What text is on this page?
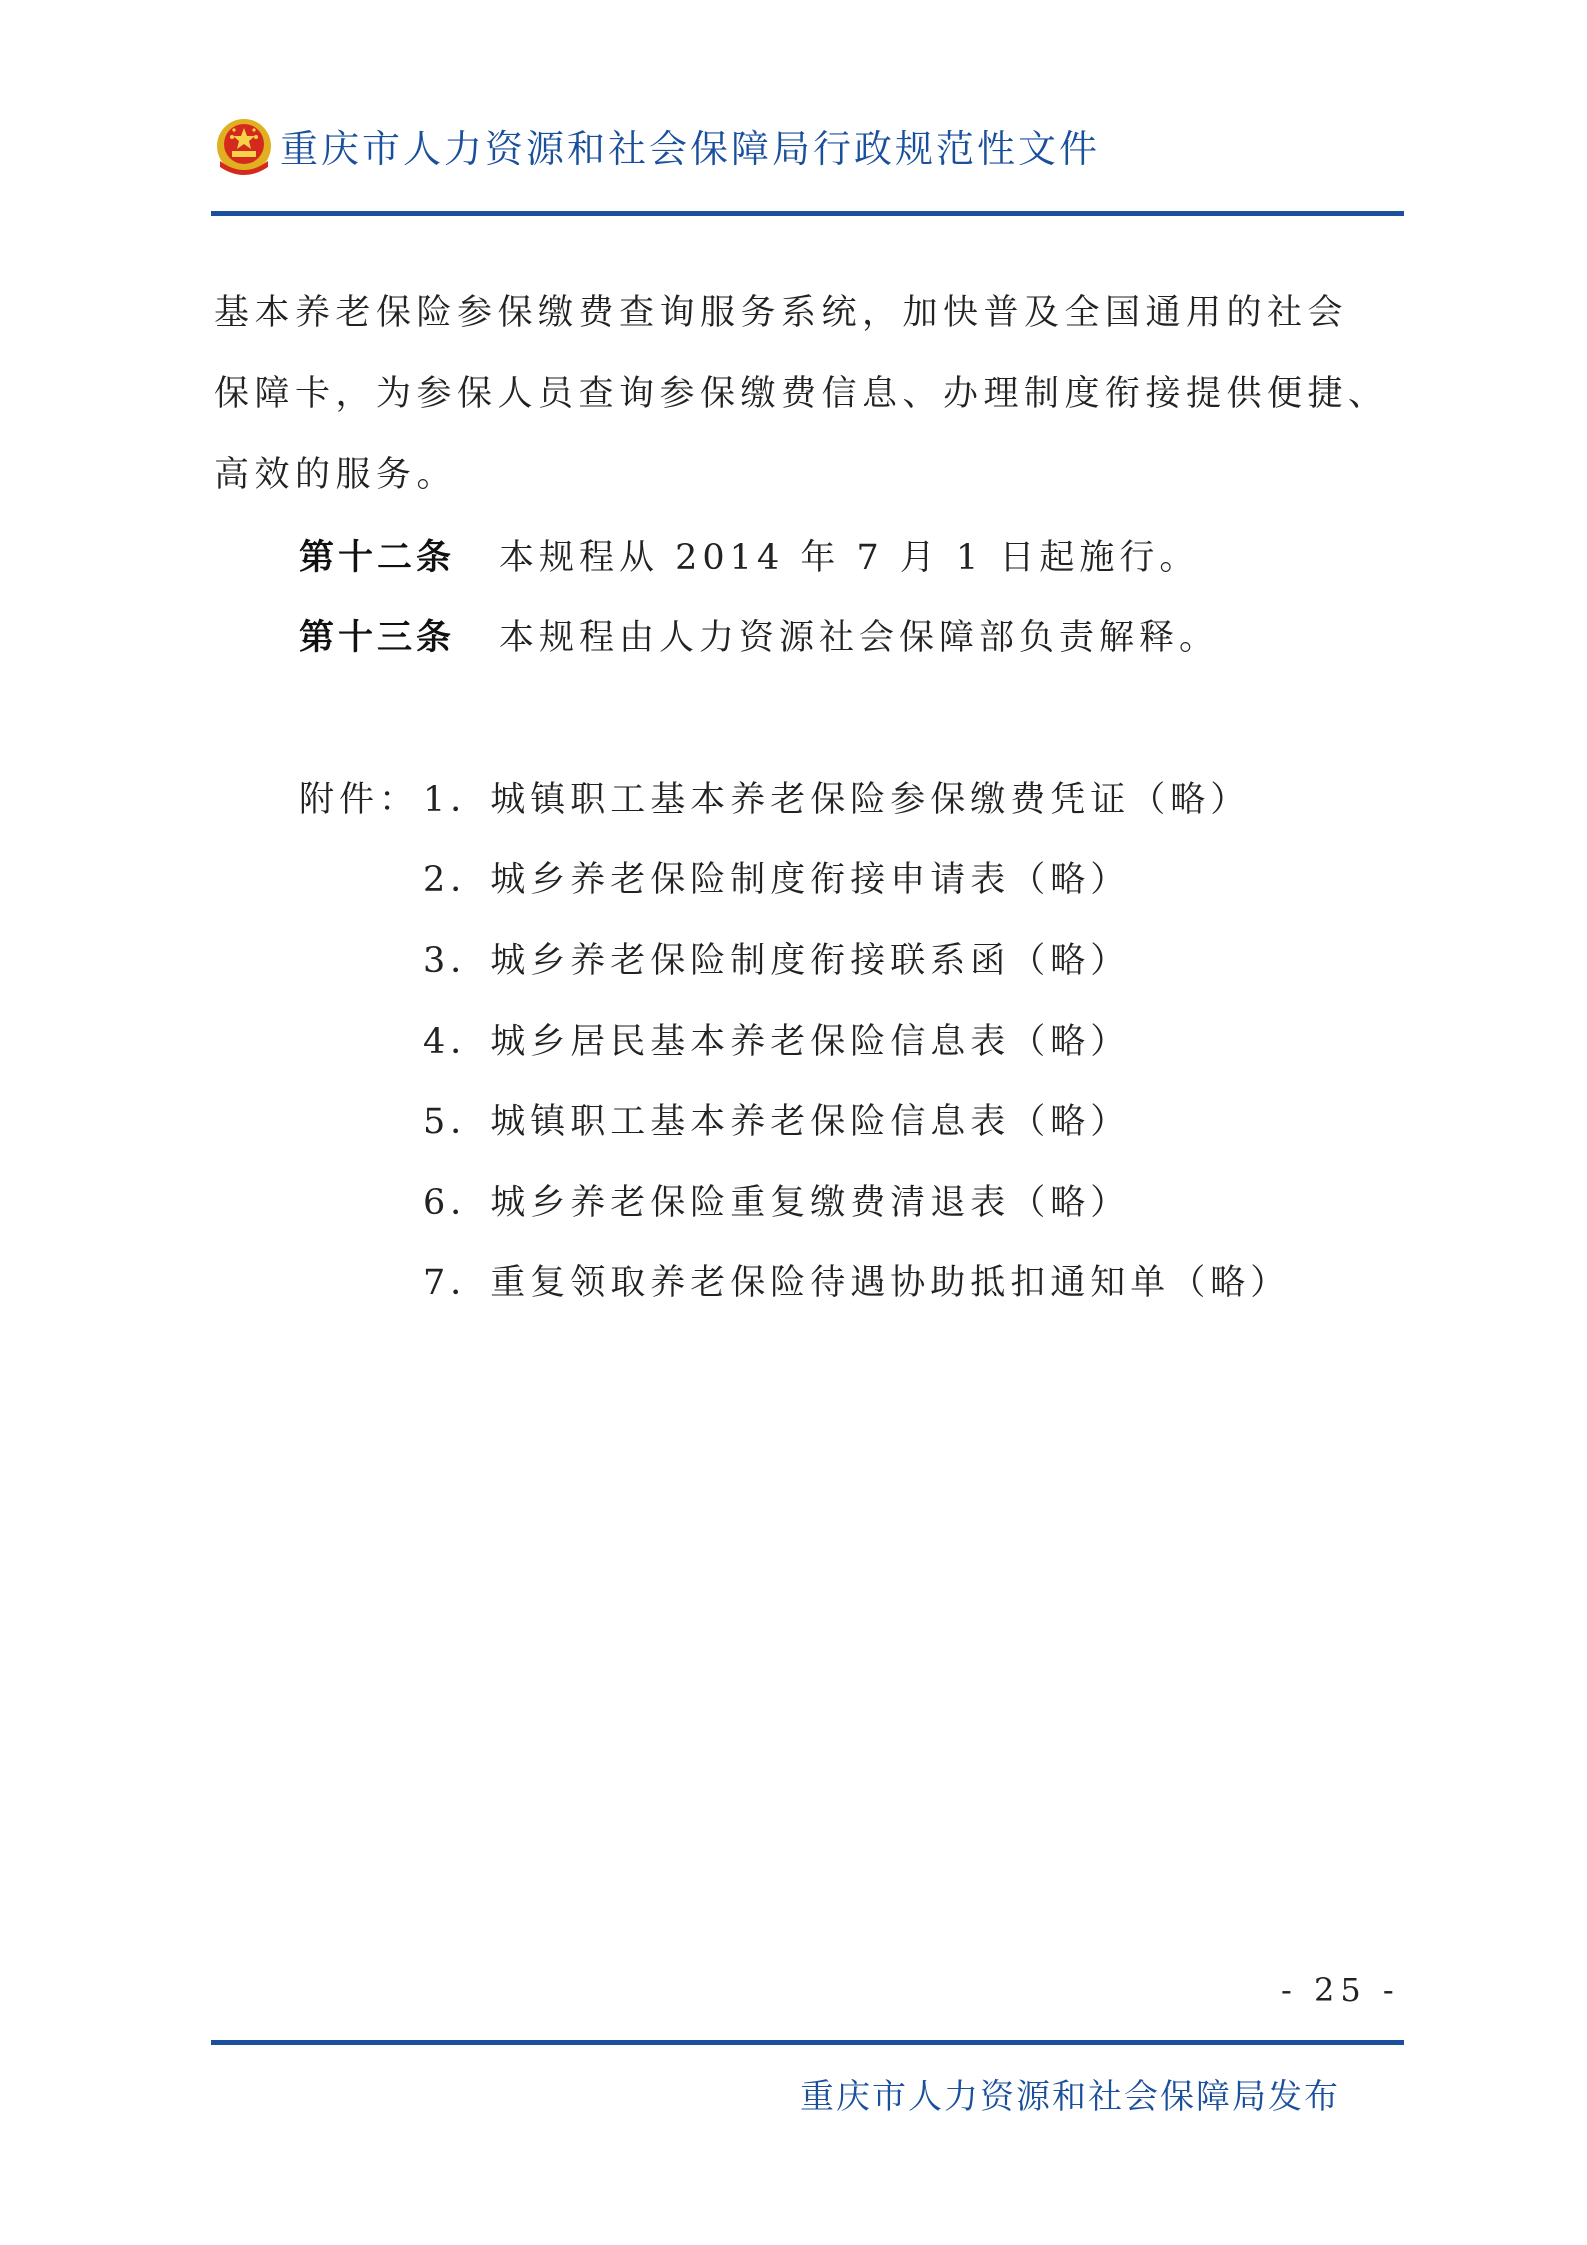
重庆市人力资源和社会保障局行政规范性文件
基本养老保险参保缴费查询服务系统，加快普及全国通用的社会
保障卡，为参保人员查询参保缴费信息、办理制度衔接提供便捷、
高效的服务。
第十二条 本规程从 2014 年 7 月 1 日起施行。
第十三条 本规程由人力资源社会保障部负责解释。
附件： 1．城镇职工基本养老保险参保缴费凭证（略）
2．城乡养老保险制度衔接申请表（略）
3．城乡养老保险制度衔接联系函（略）
4．城乡居民基本养老保险信息表（略）
5．城镇职工基本养老保险信息表（略）
6．城乡养老保险重复缴费清退表（略）
7．重复领取养老保险待遇协助抵扣通知单（略）
- 25 -
重庆市人力资源和社会保障局发布
